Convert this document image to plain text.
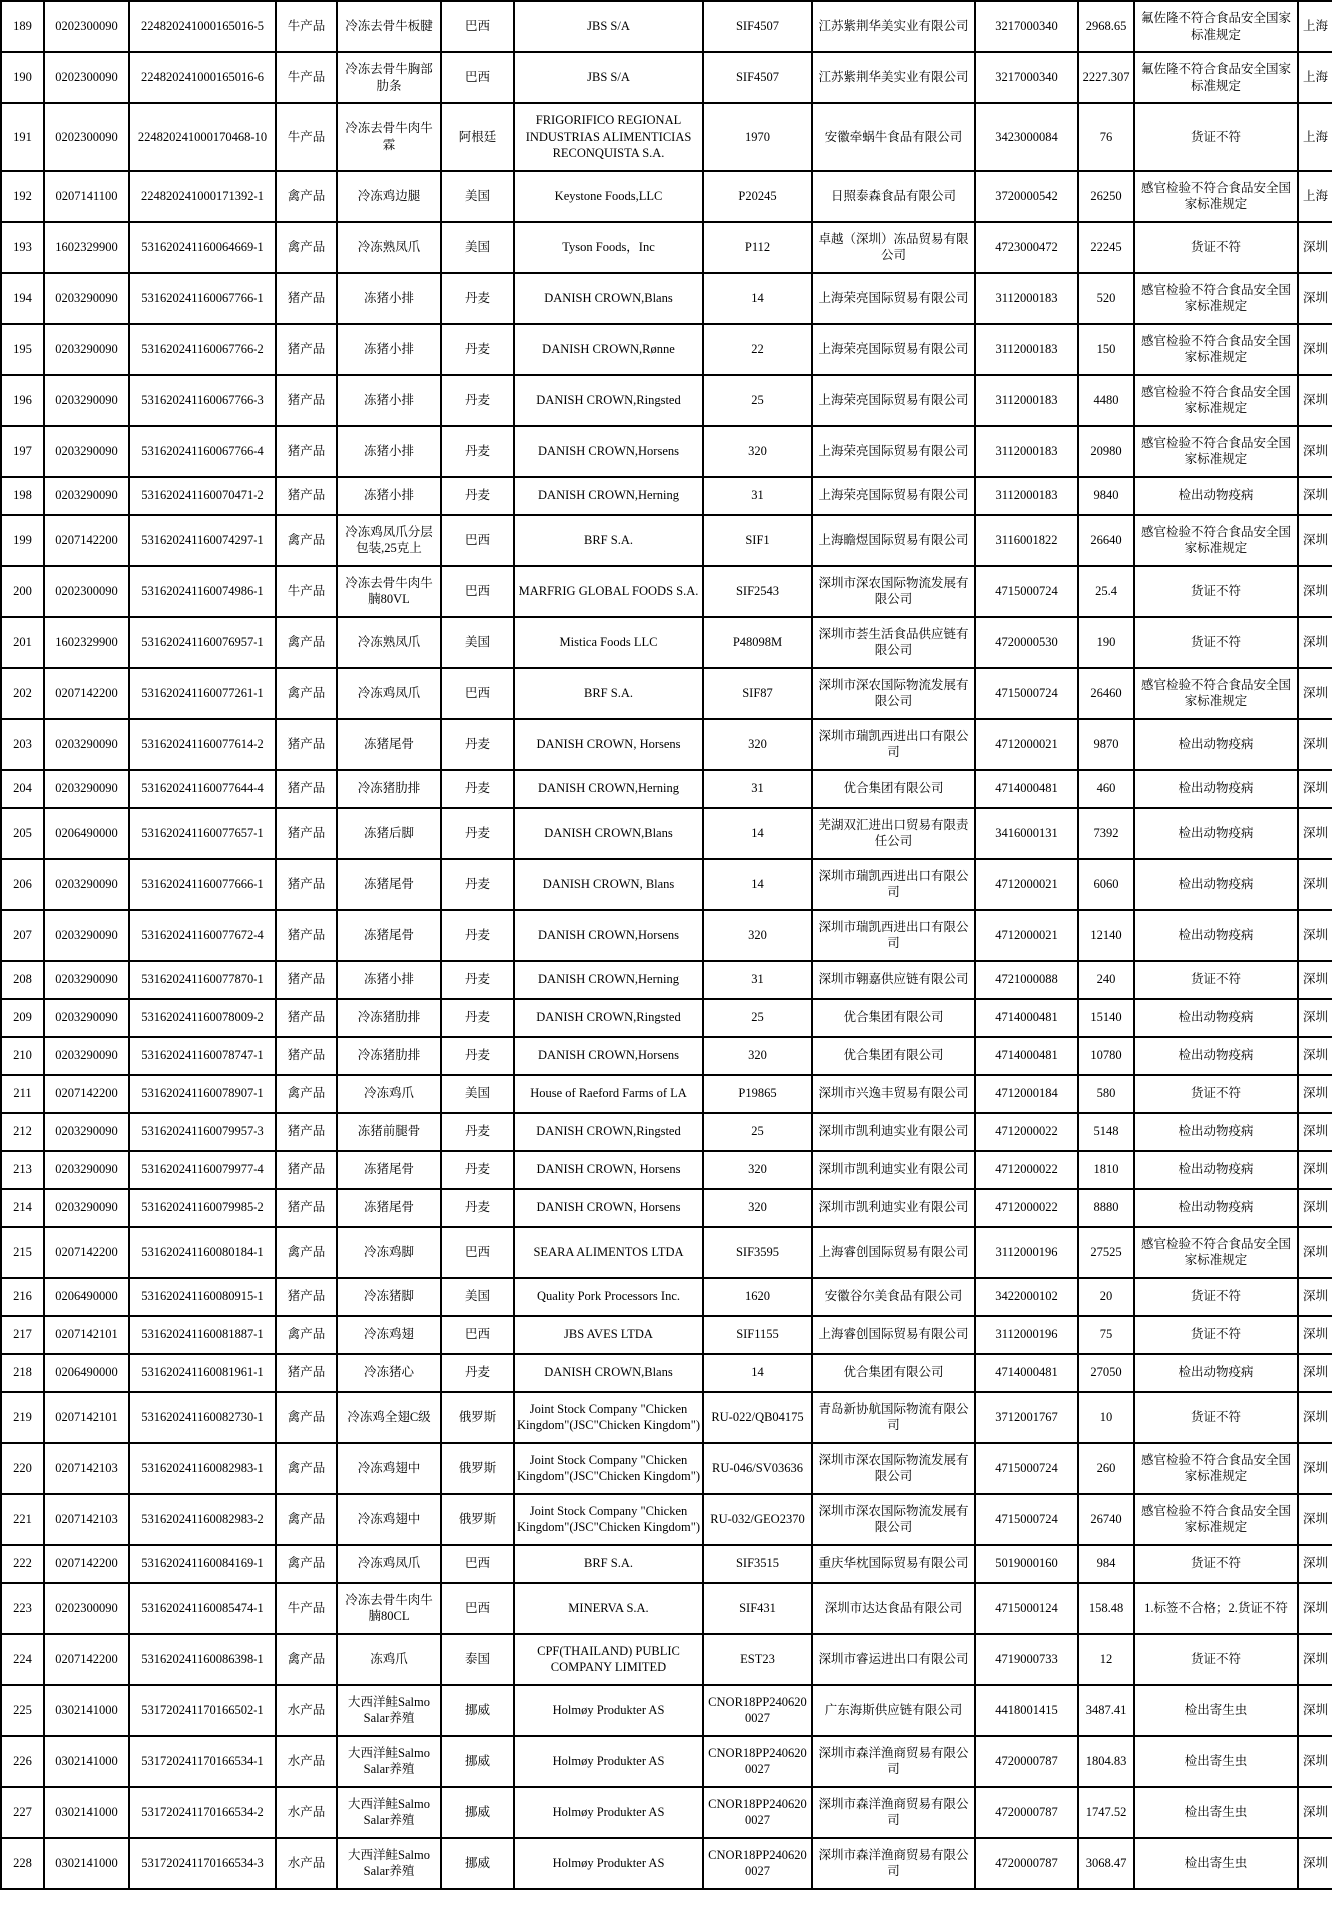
189	0202300090	224820241000165016-5	牛产品	冷冻去骨牛板腱	巴西	JBS S/A	SIF4507	江苏紫荆华美实业有限公司	3217000340	2968.65	氟佐隆不符合食品安全国家标准规定	上海
190	0202300090	224820241000165016-6	牛产品	冷冻去骨牛胸部肋条	巴西	JBS S/A	SIF4507	江苏紫荆华美实业有限公司	3217000340	2227.307	氟佐隆不符合食品安全国家标准规定	上海
191	0202300090	224820241000170468-10	牛产品	冷冻去骨牛肉牛霖	阿根廷	FRIGORIFICO REGIONAL INDUSTRIAS ALIMENTICIAS RECONQUISTA S.A.	1970	安徽牵蜗牛食品有限公司	3423000084	76	货证不符	上海
192	0207141100	224820241000171392-1	禽产品	冷冻鸡边腿	美国	Keystone Foods,LLC	P20245	日照泰森食品有限公司	3720000542	26250	感官检验不符合食品安全国家标准规定	上海
193	1602329900	531620241160064669-1	禽产品	冷冻熟凤爪	美国	Tyson Foods，Inc	P112	卓越（深圳）冻品贸易有限公司	4723000472	22245	货证不符	深圳
194	0203290090	531620241160067766-1	猪产品	冻猪小排	丹麦	DANISH CROWN,Blans	14	上海荣亮国际贸易有限公司	3112000183	520	感官检验不符合食品安全国家标准规定	深圳
195	0203290090	531620241160067766-2	猪产品	冻猪小排	丹麦	DANISH CROWN,Rønne	22	上海荣亮国际贸易有限公司	3112000183	150	感官检验不符合食品安全国家标准规定	深圳
196	0203290090	531620241160067766-3	猪产品	冻猪小排	丹麦	DANISH CROWN,Ringsted	25	上海荣亮国际贸易有限公司	3112000183	4480	感官检验不符合食品安全国家标准规定	深圳
197	0203290090	531620241160067766-4	猪产品	冻猪小排	丹麦	DANISH CROWN,Horsens	320	上海荣亮国际贸易有限公司	3112000183	20980	感官检验不符合食品安全国家标准规定	深圳
198	0203290090	531620241160070471-2	猪产品	冻猪小排	丹麦	DANISH CROWN,Herning	31	上海荣亮国际贸易有限公司	3112000183	9840	检出动物疫病	深圳
199	0207142200	531620241160074297-1	禽产品	冷冻鸡凤爪分层包装,25克上	巴西	BRF S.A.	SIF1	上海瞻煜国际贸易有限公司	3116001822	26640	感官检验不符合食品安全国家标准规定	深圳
200	0202300090	531620241160074986-1	牛产品	冷冻去骨牛肉牛腩80VL	巴西	MARFRIG GLOBAL FOODS S.A.	SIF2543	深圳市深农国际物流发展有限公司	4715000724	25.4	货证不符	深圳
201	1602329900	531620241160076957-1	禽产品	冷冻熟凤爪	美国	Mistica Foods LLC	P48098M	深圳市荟生活食品供应链有限公司	4720000530	190	货证不符	深圳
202	0207142200	531620241160077261-1	禽产品	冷冻鸡凤爪	巴西	BRF S.A.	SIF87	深圳市深农国际物流发展有限公司	4715000724	26460	感官检验不符合食品安全国家标准规定	深圳
203	0203290090	531620241160077614-2	猪产品	冻猪尾骨	丹麦	DANISH CROWN, Horsens	320	深圳市瑞凯西进出口有限公司	4712000021	9870	检出动物疫病	深圳
204	0203290090	531620241160077644-4	猪产品	冷冻猪肋排	丹麦	DANISH CROWN,Herning	31	优合集团有限公司	4714000481	460	检出动物疫病	深圳
205	0206490000	531620241160077657-1	猪产品	冻猪后脚	丹麦	DANISH CROWN,Blans	14	芜湖双汇进出口贸易有限责任公司	3416000131	7392	检出动物疫病	深圳
206	0203290090	531620241160077666-1	猪产品	冻猪尾骨	丹麦	DANISH CROWN, Blans	14	深圳市瑞凯西进出口有限公司	4712000021	6060	检出动物疫病	深圳
207	0203290090	531620241160077672-4	猪产品	冻猪尾骨	丹麦	DANISH CROWN,Horsens	320	深圳市瑞凯西进出口有限公司	4712000021	12140	检出动物疫病	深圳
208	0203290090	531620241160077870-1	猪产品	冻猪小排	丹麦	DANISH CROWN,Herning	31	深圳市翱嘉供应链有限公司	4721000088	240	货证不符	深圳
209	0203290090	531620241160078009-2	猪产品	冷冻猪肋排	丹麦	DANISH CROWN,Ringsted	25	优合集团有限公司	4714000481	15140	检出动物疫病	深圳
210	0203290090	531620241160078747-1	猪产品	冷冻猪肋排	丹麦	DANISH CROWN,Horsens	320	优合集团有限公司	4714000481	10780	检出动物疫病	深圳
211	0207142200	531620241160078907-1	禽产品	冷冻鸡爪	美国	House of Raeford Farms of LA	P19865	深圳市兴逸丰贸易有限公司	4712000184	580	货证不符	深圳
212	0203290090	531620241160079957-3	猪产品	冻猪前腿骨	丹麦	DANISH CROWN,Ringsted	25	深圳市凯利迪实业有限公司	4712000022	5148	检出动物疫病	深圳
213	0203290090	531620241160079977-4	猪产品	冻猪尾骨	丹麦	DANISH CROWN, Horsens	320	深圳市凯利迪实业有限公司	4712000022	1810	检出动物疫病	深圳
214	0203290090	531620241160079985-2	猪产品	冻猪尾骨	丹麦	DANISH CROWN, Horsens	320	深圳市凯利迪实业有限公司	4712000022	8880	检出动物疫病	深圳
215	0207142200	531620241160080184-1	禽产品	冷冻鸡脚	巴西	SEARA ALIMENTOS LTDA	SIF3595	上海睿创国际贸易有限公司	3112000196	27525	感官检验不符合食品安全国家标准规定	深圳
216	0206490000	531620241160080915-1	猪产品	冷冻猪脚	美国	Quality Pork Processors Inc.	1620	安徽谷尔美食品有限公司	3422000102	20	货证不符	深圳
217	0207142101	531620241160081887-1	禽产品	冷冻鸡翅	巴西	JBS AVES LTDA	SIF1155	上海睿创国际贸易有限公司	3112000196	75	货证不符	深圳
218	0206490000	531620241160081961-1	猪产品	冷冻猪心	丹麦	DANISH CROWN,Blans	14	优合集团有限公司	4714000481	27050	检出动物疫病	深圳
219	0207142101	531620241160082730-1	禽产品	冷冻鸡全翅C级	俄罗斯	Joint Stock Company "Chicken Kingdom"(JSC"Chicken Kingdom")	RU-022/QB04175	青岛新协航国际物流有限公司	3712001767	10	货证不符	深圳
220	0207142103	531620241160082983-1	禽产品	冷冻鸡翅中	俄罗斯	Joint Stock Company "Chicken Kingdom"(JSC"Chicken Kingdom")	RU-046/SV03636	深圳市深农国际物流发展有限公司	4715000724	260	感官检验不符合食品安全国家标准规定	深圳
221	0207142103	531620241160082983-2	禽产品	冷冻鸡翅中	俄罗斯	Joint Stock Company "Chicken Kingdom"(JSC"Chicken Kingdom")	RU-032/GEO2370	深圳市深农国际物流发展有限公司	4715000724	26740	感官检验不符合食品安全国家标准规定	深圳
222	0207142200	531620241160084169-1	禽产品	冷冻鸡凤爪	巴西	BRF S.A.	SIF3515	重庆华枕国际贸易有限公司	5019000160	984	货证不符	深圳
223	0202300090	531620241160085474-1	牛产品	冷冻去骨牛肉牛腩80CL	巴西	MINERVA S.A.	SIF431	深圳市达达食品有限公司	4715000124	158.48	1.标签不合格；2.货证不符	深圳
224	0207142200	531620241160086398-1	禽产品	冻鸡爪	泰国	CPF(THAILAND) PUBLIC COMPANY LIMITED	EST23	深圳市睿运进出口有限公司	4719000733	12	货证不符	深圳
225	0302141000	531720241170166502-1	水产品	大西洋鲑Salmo Salar养殖	挪威	Holmøy Produkter AS	CNOR18PP2406200027	广东海斯供应链有限公司	4418001415	3487.41	检出寄生虫	深圳
226	0302141000	531720241170166534-1	水产品	大西洋鲑Salmo Salar养殖	挪威	Holmøy Produkter AS	CNOR18PP2406200027	深圳市森洋渔商贸易有限公司	4720000787	1804.83	检出寄生虫	深圳
227	0302141000	531720241170166534-2	水产品	大西洋鲑Salmo Salar养殖	挪威	Holmøy Produkter AS	CNOR18PP2406200027	深圳市森洋渔商贸易有限公司	4720000787	1747.52	检出寄生虫	深圳
228	0302141000	531720241170166534-3	水产品	大西洋鲑Salmo Salar养殖	挪威	Holmøy Produkter AS	CNOR18PP2406200027	深圳市森洋渔商贸易有限公司	4720000787	3068.47	检出寄生虫	深圳
